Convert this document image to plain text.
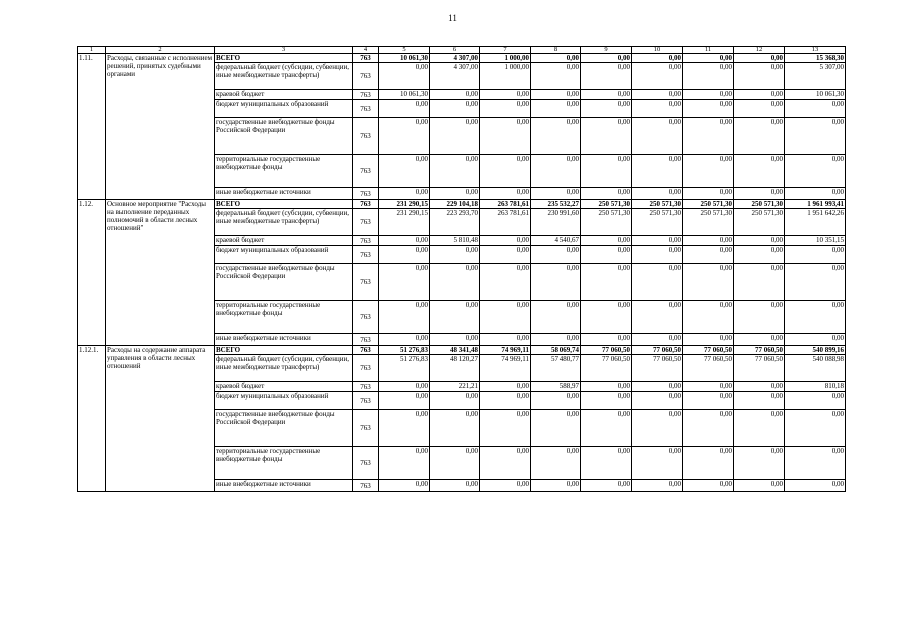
11
1	2	3	4	5	6	7	8	9	10	11	12	13
1.11.	Расходы, связанные с исполнением решений, принятых судебными органами	ВСЕГО	763	10 061,30	4 307,00	1 000,00	0,00	0,00	0,00	0,00	0,00	15 368,30
		федеральный бюджет (субсидии, субвенции, иные межбюджетные трансферты)	763	0,00	4 307,00	1 000,00	0,00	0,00	0,00	0,00	0,00	5 307,00
		краевой бюджет	763	10 061,30	0,00	0,00	0,00	0,00	0,00	0,00	0,00	10 061,30
		бюджет муниципальных образований	763	0,00	0,00	0,00	0,00	0,00	0,00	0,00	0,00	0,00
		государственные внебюджетные фонды Российской Федерации	763	0,00	0,00	0,00	0,00	0,00	0,00	0,00	0,00	0,00
		территориальные государственные внебюджетные фонды	763	0,00	0,00	0,00	0,00	0,00	0,00	0,00	0,00	0,00
		иные внебюджетные источники	763	0,00	0,00	0,00	0,00	0,00	0,00	0,00	0,00	0,00
1.12.	Основное мероприятие "Расходы на выполнение переданных полномочий в области лесных отношений"	ВСЕГО	763	231 290,15	229 104,18	263 781,61	235 532,27	250 571,30	250 571,30	250 571,30	250 571,30	1 961 993,41
		федеральный бюджет (субсидии, субвенции, иные межбюджетные трансферты)	763	231 290,15	223 293,70	263 781,61	230 991,60	250 571,30	250 571,30	250 571,30	250 571,30	1 951 642,26
		краевой бюджет	763	0,00	5 810,48	0,00	4 540,67	0,00	0,00	0,00	0,00	10 351,15
		бюджет муниципальных образований	763	0,00	0,00	0,00	0,00	0,00	0,00	0,00	0,00	0,00
		государственные внебюджетные фонды Российской Федерации	763	0,00	0,00	0,00	0,00	0,00	0,00	0,00	0,00	0,00
		территориальные государственные внебюджетные фонды	763	0,00	0,00	0,00	0,00	0,00	0,00	0,00	0,00	0,00
		иные внебюджетные источники	763	0,00	0,00	0,00	0,00	0,00	0,00	0,00	0,00	0,00
1.12.1.	Расходы на содержание аппарата управления в области лесных отношений	ВСЕГО	763	51 276,83	48 341,48	74 969,11	58 069,74	77 060,50	77 060,50	77 060,50	77 060,50	540 899,16
		федеральный бюджет (субсидии, субвенции, иные межбюджетные трансферты)	763	51 276,83	48 120,27	74 969,11	57 480,77	77 060,50	77 060,50	77 060,50	77 060,50	540 088,98
		краевой бюджет	763	0,00	221,21	0,00	588,97	0,00	0,00	0,00	0,00	810,18
		бюджет муниципальных образований	763	0,00	0,00	0,00	0,00	0,00	0,00	0,00	0,00	0,00
		государственные внебюджетные фонды Российской Федерации	763	0,00	0,00	0,00	0,00	0,00	0,00	0,00	0,00	0,00
		территориальные государственные внебюджетные фонды	763	0,00	0,00	0,00	0,00	0,00	0,00	0,00	0,00	0,00
		иные внебюджетные источники	763	0,00	0,00	0,00	0,00	0,00	0,00	0,00	0,00	0,00
